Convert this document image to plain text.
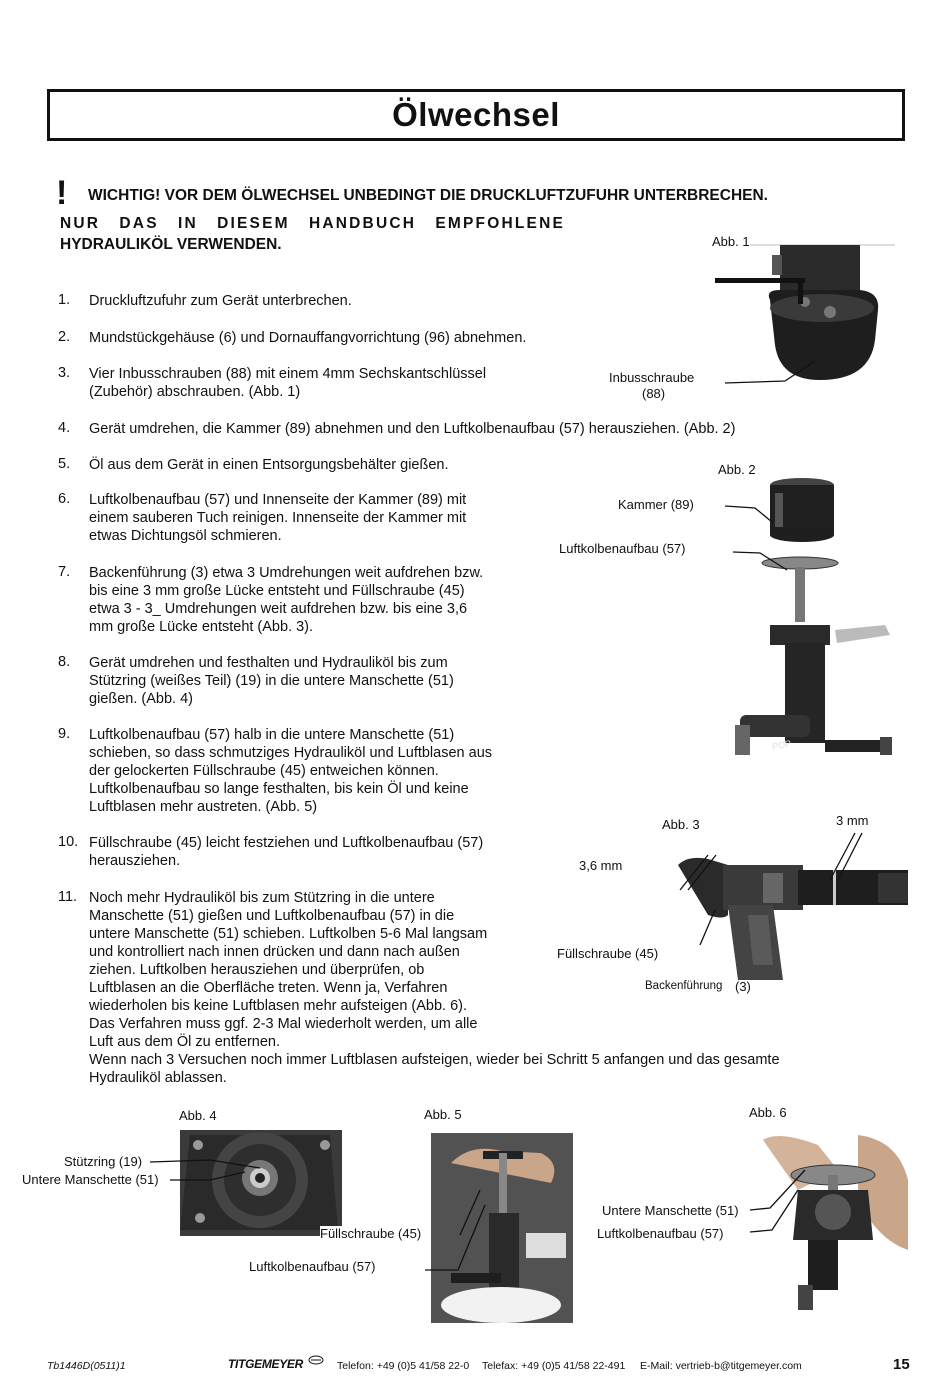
Ölwechsel
! WICHTIG! VOR DEM ÖLWECHSEL UNBEDINGT DIE DRUCKLUFTZUFUHR UNTERBRECHEN.
NUR DAS IN DIESEM HANDBUCH EMPFOHLENE
HYDRAULIKÖL VERWENDEN.
1.	Druckluftzufuhr zum Gerät unterbrechen.
2.	Mundstückgehäuse (6) und Dornauffangvorrichtung (96) abnehmen.
3.	Vier Inbusschrauben (88) mit einem 4mm Sechskantschlüssel
(Zubehör) abschrauben. (Abb. 1)
4.	Gerät umdrehen, die Kammer (89) abnehmen und den Luftkolbenaufbau (57) herausziehen. (Abb. 2)
5.	Öl aus dem Gerät in einen Entsorgungsbehälter gießen.
6.	Luftkolbenaufbau (57) und Innenseite der Kammer (89) mit
einem sauberen Tuch reinigen. Innenseite der Kammer mit
etwas Dichtungsöl schmieren.
7.	Backenführung (3) etwa 3 Umdrehungen weit aufdrehen bzw.
bis eine 3 mm große Lücke entsteht und Füllschraube (45)
etwa 3 - 3_ Umdrehungen weit aufdrehen bzw. bis eine 3,6
mm große Lücke entsteht (Abb. 3).
8.	Gerät umdrehen und festhalten und Hydrauliköl bis zum
Stützring (weißes Teil) (19) in die untere Manschette (51)
gießen. (Abb. 4)
9.	Luftkolbenaufbau (57) halb in die untere Manschette (51)
schieben, so dass schmutziges Hydrauliköl und Luftblasen aus
der gelockerten Füllschraube (45) entweichen können.
Luftkolbenaufbau so lange festhalten, bis kein Öl und keine
Luftblasen mehr austreten. (Abb. 5)
10. Füllschraube (45) leicht festziehen und Luftkolbenaufbau (57)
herausziehen.
11. Noch mehr Hydrauliköl bis zum Stützring in die untere
Manschette (51) gießen und Luftkolbenaufbau (57) in die
untere Manschette (51) schieben. Luftkolben 5-6 Mal langsam
und kontrolliert nach innen drücken und dann nach außen
ziehen. Luftkolben herausziehen und überprüfen, ob
Luftblasen an die Oberfläche treten. Wenn ja, Verfahren
wiederholen bis keine Luftblasen mehr aufsteigen (Abb. 6).
Das Verfahren muss ggf. 2-3 Mal wiederholt werden, um alle
Luft aus dem Öl zu entfernen.
Wenn nach 3 Versuchen noch immer Luftblasen aufsteigen, wieder bei Schritt 5 anfangen und das gesamte
Hydrauliköl ablassen.
Abb. 1
Inbusschraube
(88)
Abb. 2
POP
Kammer (89)
Luftkolbenaufbau (57)
Abb. 3	3 mm
3,6 mm
Füllschraube (45)
Backenführung (3)
Abb. 4
Stützring (19)
Untere Manschette (51)
Luftkolbenaufbau (57)
Abb. 5
Füllschraube (45)
Abb. 6
Untere Manschette (51)
Luftkolbenaufbau (57)
Tb1446D(0511)1	TITGEMEYER	Telefon: +49 (0)5 41/58 22-0 Telefax: +49 (0)5 41/58 22-491 E-Mail: vertrieb-b@titgemeyer.com	15
